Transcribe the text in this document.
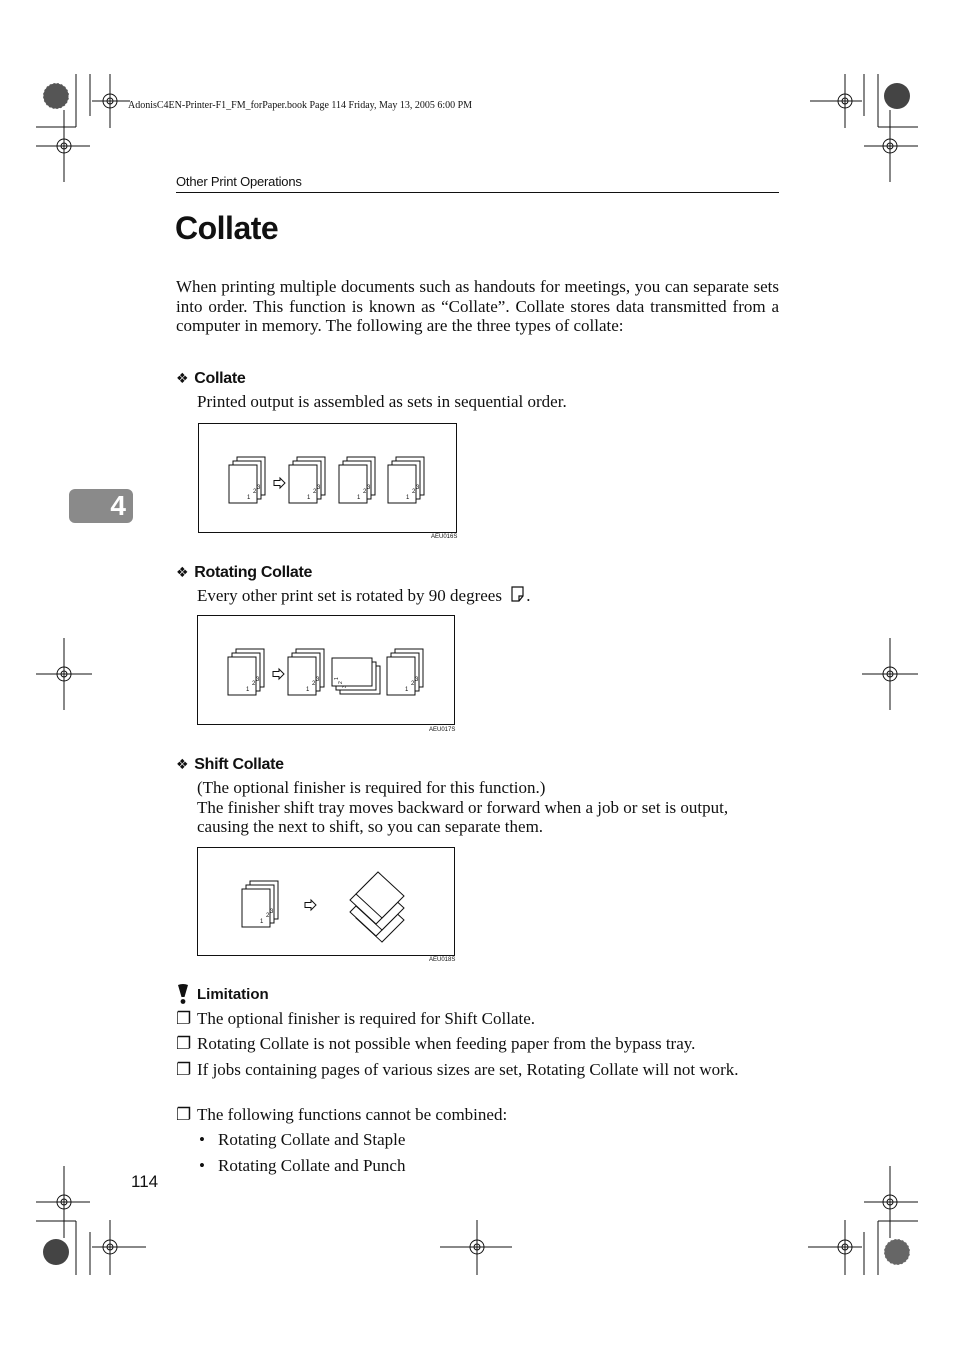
AdonisC4EN-Printer-F1_FM_forPaper.book Page 114 Friday, May 13, 2005 6:00 PM
Other Print Operations
Collate
When printing multiple documents such as handouts for meetings, you can separate sets into order. This function is known as “Collate”. Collate stores data transmitted from a computer in memory. The following are the three types of collate:
4
❖ Collate
Printed output is assembled as sets in sequential order.
1
2
3
1
2
3
1
2
3
1
2
3
AEU016S
❖ Rotating Collate
Every other print set is rotated by 90 degrees .
1
2
3
1
2
3	1
2
3
1
2
3
AEU017S
❖ Shift Collate
(The optional finisher is required for this function.)
The finisher shift tray moves backward or forward when a job or set is output, causing the next to shift, so you can separate them.
1
2
3
AEU018S
Limitation
❐ The optional finisher is required for Shift Collate.
❐ Rotating Collate is not possible when feeding paper from the bypass tray.
❐ If jobs containing pages of various sizes are set, Rotating Collate will not work.
❐ The following functions cannot be combined:
• Rotating Collate and Staple
• Rotating Collate and Punch
114
